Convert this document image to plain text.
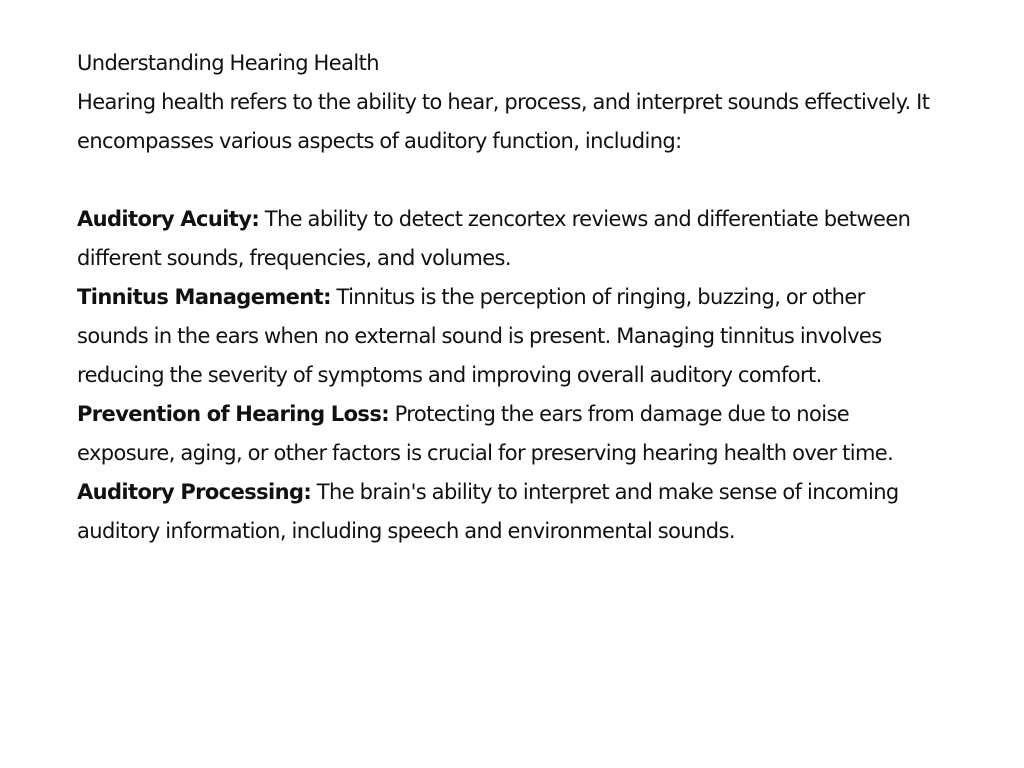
Understanding Hearing Health

Hearing health refers to the ability to hear, process, and interpret sounds effectively. It encompasses various aspects of auditory function, including:

Auditory Acuity: The ability to detect zencortex reviews and differentiate between different sounds, frequencies, and volumes.

Tinnitus Management: Tinnitus is the perception of ringing, buzzing, or other sounds in the ears when no external sound is present. Managing tinnitus involves reducing the severity of symptoms and improving overall auditory comfort.

Prevention of Hearing Loss: Protecting the ears from damage due to noise exposure, aging, or other factors is crucial for preserving hearing health over time.

Auditory Processing: The brain's ability to interpret and make sense of incoming auditory information, including speech and environmental sounds.
